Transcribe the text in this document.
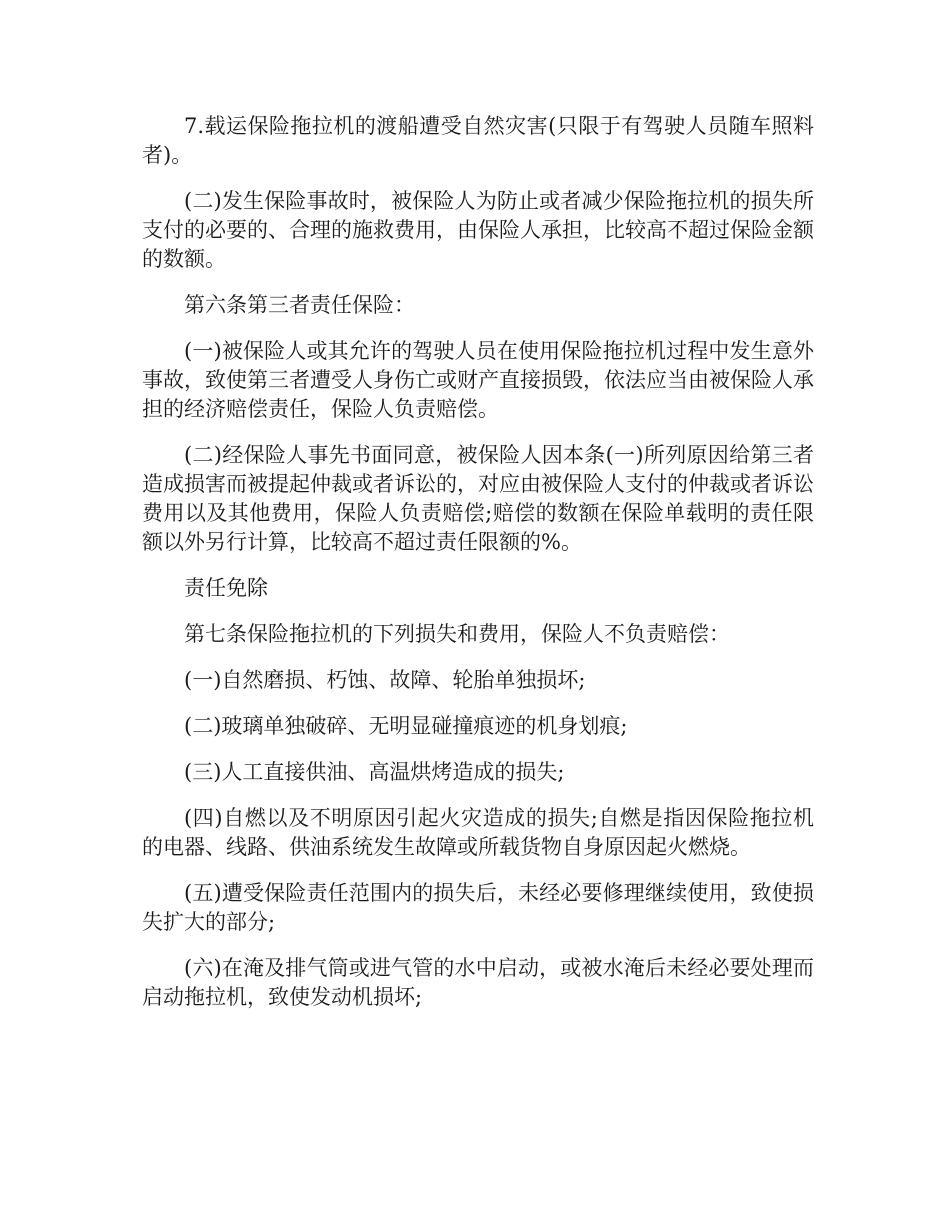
7.载运保险拖拉机的渡船遭受自然灾害(只限于有驾驶人员随车照料者)。

(二)发生保险事故时，被保险人为防止或者减少保险拖拉机的损失所支付的必要的、合理的施救费用，由保险人承担，比较高不超过保险金额的数额。

第六条第三者责任保险：

(一)被保险人或其允许的驾驶人员在使用保险拖拉机过程中发生意外事故，致使第三者遭受人身伤亡或财产直接损毁，依法应当由被保险人承担的经济赔偿责任，保险人负责赔偿。

(二)经保险人事先书面同意，被保险人因本条(一)所列原因给第三者造成损害而被提起仲裁或者诉讼的，对应由被保险人支付的仲裁或者诉讼费用以及其他费用，保险人负责赔偿;赔偿的数额在保险单载明的责任限额以外另行计算，比较高不超过责任限额的%。

责任免除

第七条保险拖拉机的下列损失和费用，保险人不负责赔偿：

(一)自然磨损、朽蚀、故障、轮胎单独损坏;

(二)玻璃单独破碎、无明显碰撞痕迹的机身划痕;

(三)人工直接供油、高温烘烤造成的损失;

(四)自燃以及不明原因引起火灾造成的损失;自燃是指因保险拖拉机的电器、线路、供油系统发生故障或所载货物自身原因起火燃烧。

(五)遭受保险责任范围内的损失后，未经必要修理继续使用，致使损失扩大的部分;

(六)在淹及排气筒或进气管的水中启动，或被水淹后未经必要处理而启动拖拉机，致使发动机损坏;
